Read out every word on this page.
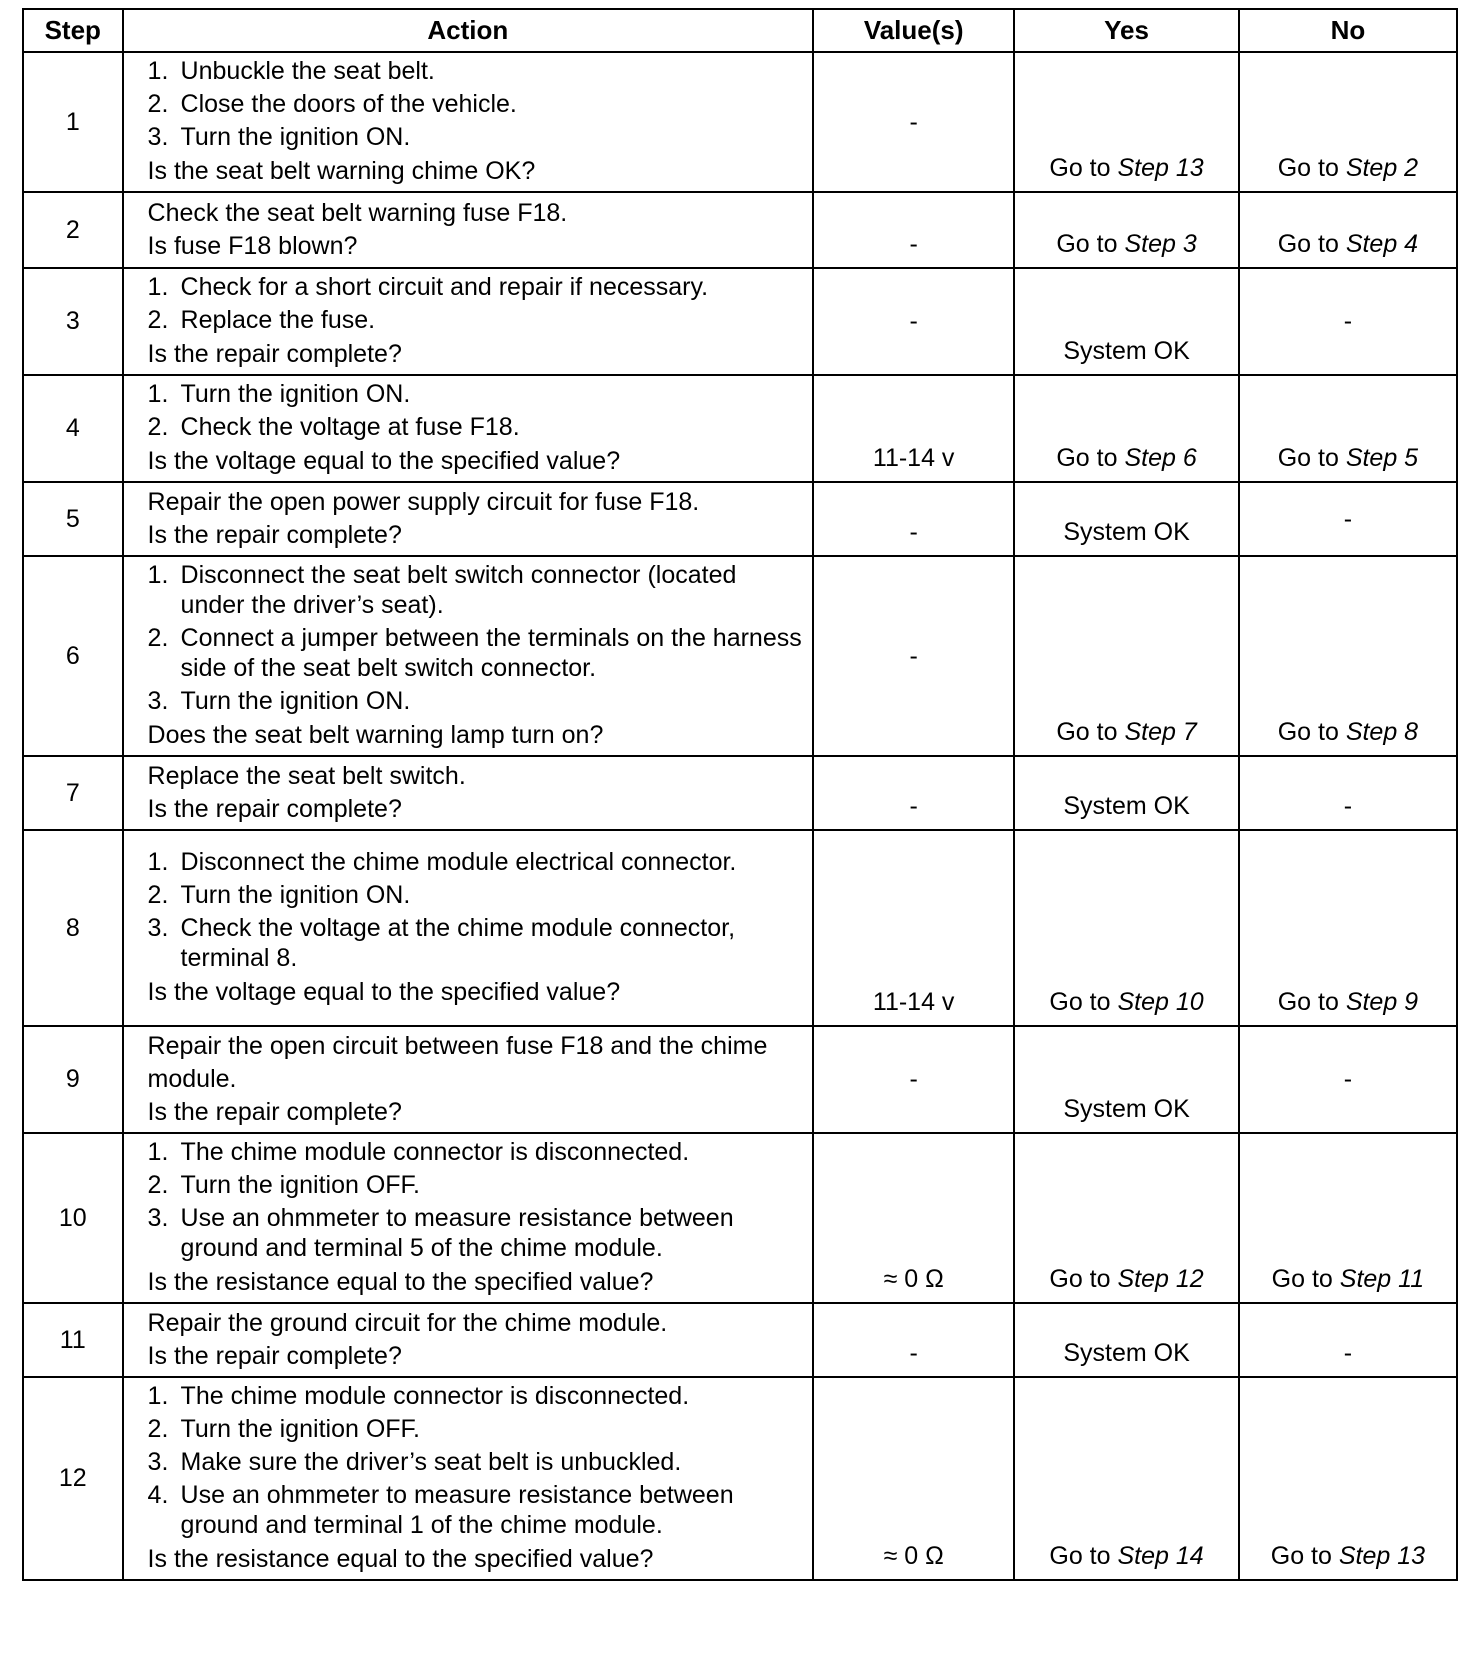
Step	Action	Value(s)	Yes	No
1	1. Unbuckle the seat belt.
2. Close the doors of the vehicle.
3. Turn the ignition ON.
Is the seat belt warning chime OK?	-	Go to Step 13	Go to Step 2
2	Check the seat belt warning fuse F18.
Is fuse F18 blown?	-	Go to Step 3	Go to Step 4
3	1. Check for a short circuit and repair if necessary.
2. Replace the fuse.
Is the repair complete?	-	System OK	-
4	1. Turn the ignition ON.
2. Check the voltage at fuse F18.
Is the voltage equal to the specified value?	11-14 v	Go to Step 6	Go to Step 5
5	Repair the open power supply circuit for fuse F18.
Is the repair complete?	-	System OK	-
6	1. Disconnect the seat belt switch connector (located under the driver’s seat).
2. Connect a jumper between the terminals on the harness side of the seat belt switch connector.
3. Turn the ignition ON.
Does the seat belt warning lamp turn on?	-	Go to Step 7	Go to Step 8
7	Replace the seat belt switch.
Is the repair complete?	-	System OK	-
8	1. Disconnect the chime module electrical connector.
2. Turn the ignition ON.
3. Check the voltage at the chime module connector, terminal 8.
Is the voltage equal to the specified value?	11-14 v	Go to Step 10	Go to Step 9
9	Repair the open circuit between fuse F18 and the chime module.
Is the repair complete?	-	System OK	-
10	1. The chime module connector is disconnected.
2. Turn the ignition OFF.
3. Use an ohmmeter to measure resistance between ground and terminal 5 of the chime module.
Is the resistance equal to the specified value?	≈ 0 Ω	Go to Step 12	Go to Step 11
11	Repair the ground circuit for the chime module.
Is the repair complete?	-	System OK	-
12	1. The chime module connector is disconnected.
2. Turn the ignition OFF.
3. Make sure the driver’s seat belt is unbuckled.
4. Use an ohmmeter to measure resistance between ground and terminal 1 of the chime module.
Is the resistance equal to the specified value?	≈ 0 Ω	Go to Step 14	Go to Step 13
